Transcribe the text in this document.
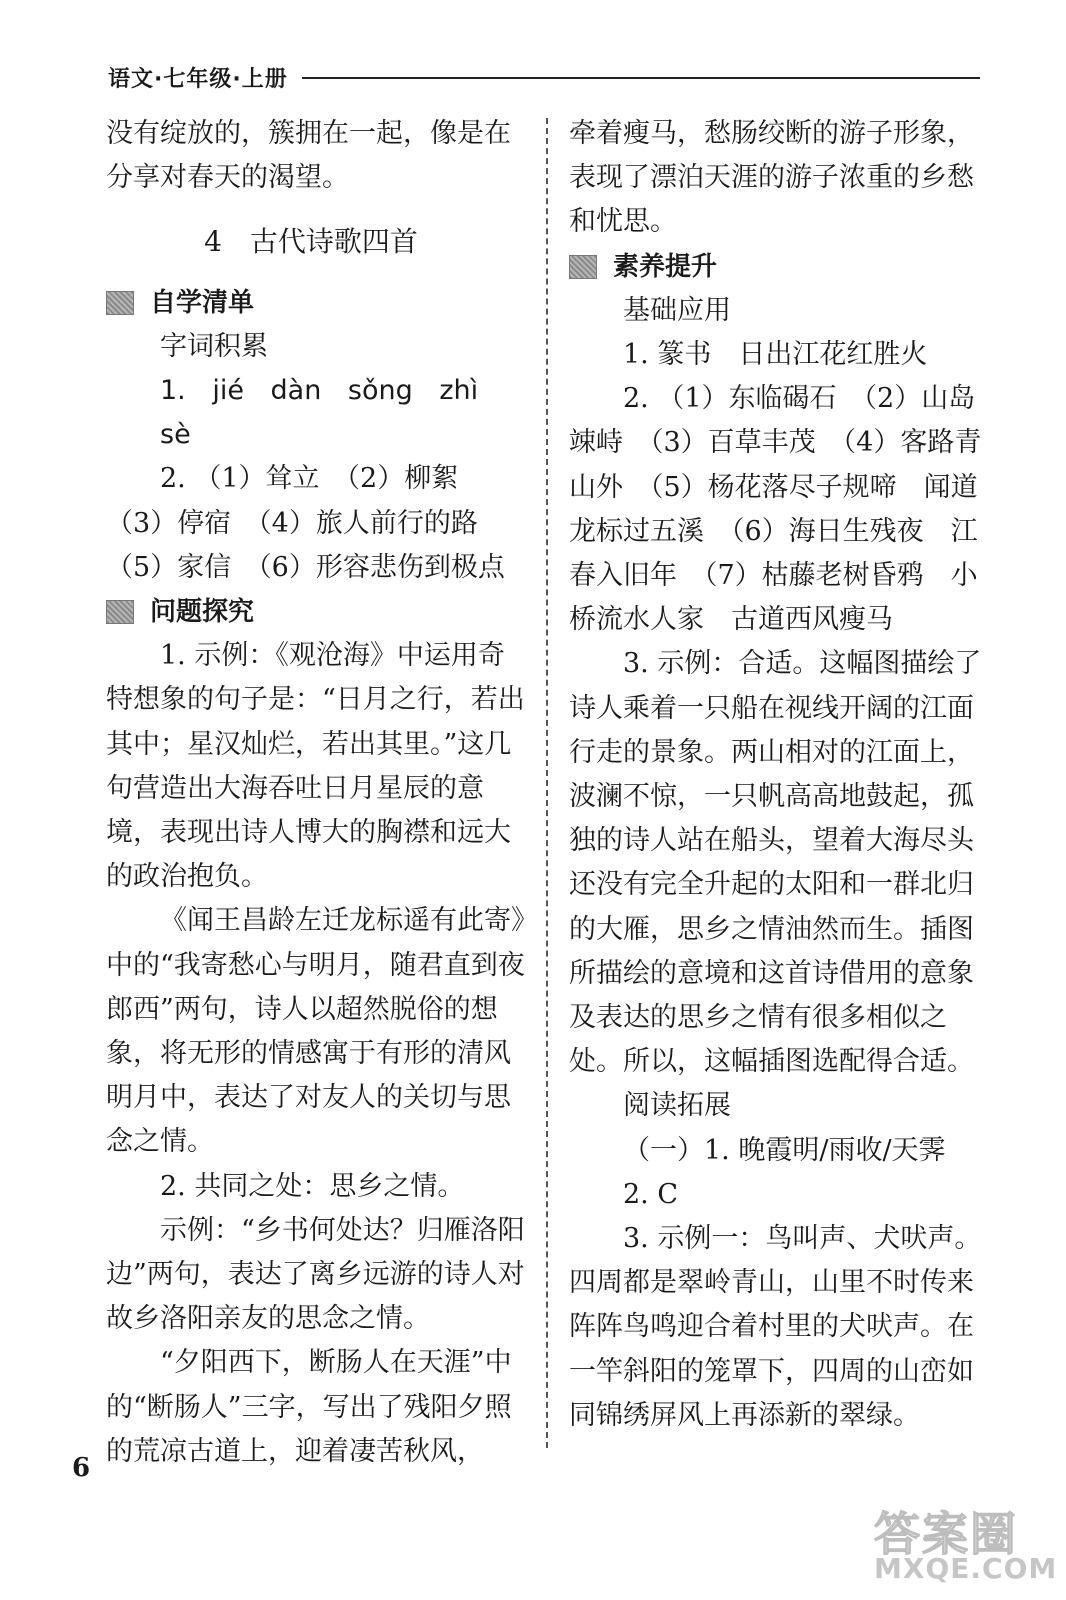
语文·七年级·上册

没有绽放的，簇拥在一起，像是在分享对春天的渴望。

4　古代诗歌四首

自学清单

字词积累

1. jié dàn sǒng zhì sè

2. （1）耸立　（2）柳絮

（3）停宿　（4）旅人前行的路

（5）家信　（6）形容悲伤到极点

问题探究

1. 示例：《观沧海》中运用奇特想象的句子是：“日月之行，若出其中；星汉灿烂，若出其里。”这几句营造出大海吞吐日月星辰的意境，表现出诗人博大的胸襟和远大的政治抱负。

《闻王昌龄左迁龙标遥有此寄》中的“我寄愁心与明月，随君直到夜郎西”两句，诗人以超然脱俗的想象，将无形的情感寓于有形的清风明月中，表达了对友人的关切与思念之情。

2. 共同之处：思乡之情。

示例：“乡书何处达？归雁洛阳边”两句，表达了离乡远游的诗人对故乡洛阳亲友的思念之情。

“夕阳西下，断肠人在天涯”中的“断肠人”三字，写出了残阳夕照的荒凉古道上，迎着凄苦秋风，

牵着瘦马，愁肠绞断的游子形象，表现了漂泊天涯的游子浓重的乡愁和忧思。

素养提升

基础应用

1. 篆书　日出江花红胜火

2. （1）东临碣石　（2）山岛竦峙　（3）百草丰茂　（4）客路青山外　（5）杨花落尽子规啼　闻道龙标过五溪　（6）海日生残夜　江春入旧年　（7）枯藤老树昏鸦　小桥流水人家　古道西风瘦马

3. 示例：合适。这幅图描绘了诗人乘着一只船在视线开阔的江面行走的景象。两山相对的江面上，波澜不惊，一只帆高高地鼓起，孤独的诗人站在船头，望着大海尽头还没有完全升起的太阳和一群北归的大雁，思乡之情油然而生。插图所描绘的意境和这首诗借用的意象及表达的思乡之情有很多相似之处。所以，这幅插图选配得合适。

阅读拓展

（一）1. 晚霞明/雨收/天霁

2. C

3. 示例一：鸟叫声、犬吠声。四周都是翠岭青山，山里不时传来阵阵鸟鸣迎合着村里的犬吠声。在一竿斜阳的笼罩下，四周的山峦如同锦绣屏风上再添新的翠绿。

6
答案圈
MXQE.COM
